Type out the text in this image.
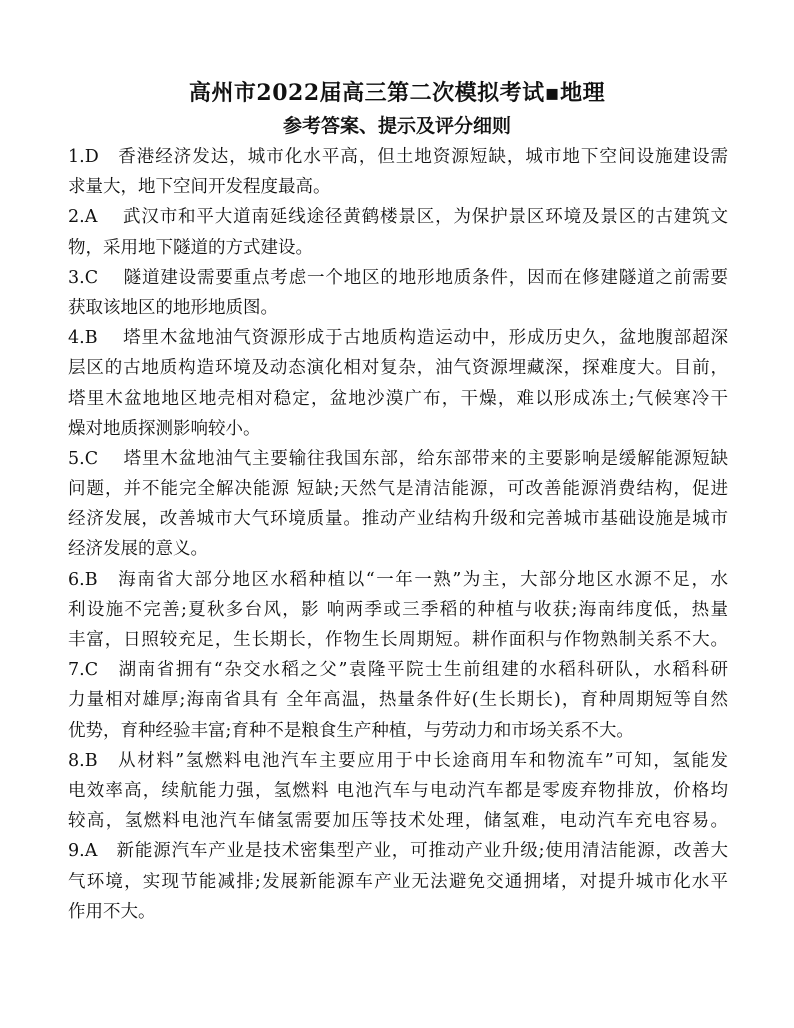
高州市2022届高三第二次模拟考试▪地理
参考答案、提示及评分细则
1.D　香港经济发达，城市化水平高，但土地资源短缺，城市地下空间设施建设需
求量大，地下空间开发程度最高。
2.A　 武汉市和平大道南延线途径黄鹤楼景区，为保护景区环境及景区的古建筑文
物，采用地下隧道的方式建设。
3.C　 隧道建设需要重点考虑一个地区的地形地质条件，因而在修建隧道之前需要
获取该地区的地形地质图。
4.B　 塔里木盆地油气资源形成于古地质构造运动中，形成历史久，盆地腹部超深
层区的古地质构造环境及动态演化相对复杂，油气资源埋藏深，探难度大。目前，
塔里木盆地地区地壳相对稳定，盆地沙漠广布，干燥，难以形成冻土;气候寒冷干
燥对地质探测影响较小。
5.C　 塔里木盆地油气主要输往我国东部，给东部带来的主要影响是缓解能源短缺
问题，并不能完全解决能源 短缺;天然气是清洁能源，可改善能源消费结构，促进
经济发展，改善城市大气环境质量。推动产业结构升级和完善城市基础设施是城市
经济发展的意义。
6.B　海南省大部分地区水稻种植以“一年一熟”为主，大部分地区水源不足，水
利设施不完善;夏秋多台风，影 响两季或三季稻的种植与收获;海南纬度低，热量
丰富，日照较充足，生长期长，作物生长周期短。耕作面积与作物熟制关系不大。
7.C　湖南省拥有“杂交水稻之父”袁隆平院士生前组建的水稻科研队，水稻科研
力量相对雄厚;海南省具有 全年高温，热量条件好(生长期长)，育种周期短等自然
优势，育种经验丰富;育种不是粮食生产种植，与劳动力和市场关系不大。
8.B　从材料”氢燃料电池汽车主要应用于中长途商用车和物流车”可知，氢能发
电效率高，续航能力强，氢燃料 电池汽车与电动汽车都是零废弃物排放，价格均
较高，氢燃料电池汽车储氢需要加压等技术处理，储氢难，电动汽车充电容易。
9.A　新能源汽车产业是技术密集型产业，可推动产业升级;使用清洁能源，改善大
气环境，实现节能减排;发展新能源车产业无法避免交通拥堵，对提升城市化水平
作用不大。
